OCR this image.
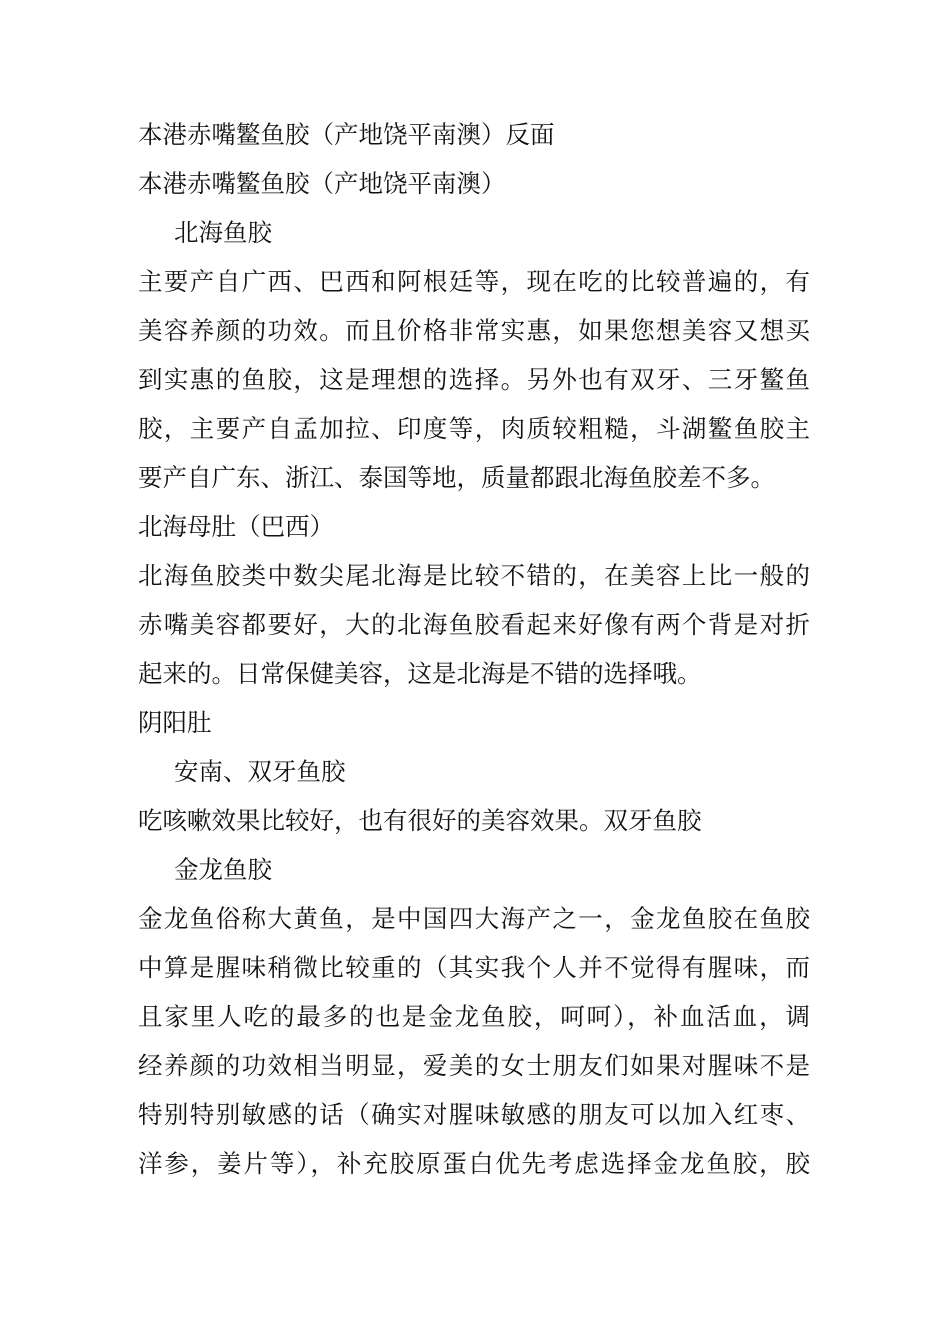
本港赤嘴鳘鱼胶（产地饶平南澳）反面

本港赤嘴鳘鱼胶（产地饶平南澳）

北海鱼胶

主要产自广西、巴西和阿根廷等，现在吃的比较普遍的，有

美容养颜的功效。而且价格非常实惠，如果您想美容又想买

到实惠的鱼胶，这是理想的选择。另外也有双牙、三牙鳘鱼

胶，主要产自孟加拉、印度等，肉质较粗糙，斗湖鳘鱼胶主

要产自广东、浙江、泰国等地，质量都跟北海鱼胶差不多。

北海母肚（巴西）

北海鱼胶类中数尖尾北海是比较不错的，在美容上比一般的

赤嘴美容都要好，大的北海鱼胶看起来好像有两个背是对折

起来的。日常保健美容，这是北海是不错的选择哦。

阴阳肚

安南、双牙鱼胶

吃咳嗽效果比较好，也有很好的美容效果。双牙鱼胶

金龙鱼胶

金龙鱼俗称大黄鱼，是中国四大海产之一，金龙鱼胶在鱼胶

中算是腥味稍微比较重的（其实我个人并不觉得有腥味，而

且家里人吃的最多的也是金龙鱼胶，呵呵），补血活血，调

经养颜的功效相当明显，爱美的女士朋友们如果对腥味不是

特别特别敏感的话（确实对腥味敏感的朋友可以加入红枣、

洋参，姜片等），补充胶原蛋白优先考虑选择金龙鱼胶，胶
